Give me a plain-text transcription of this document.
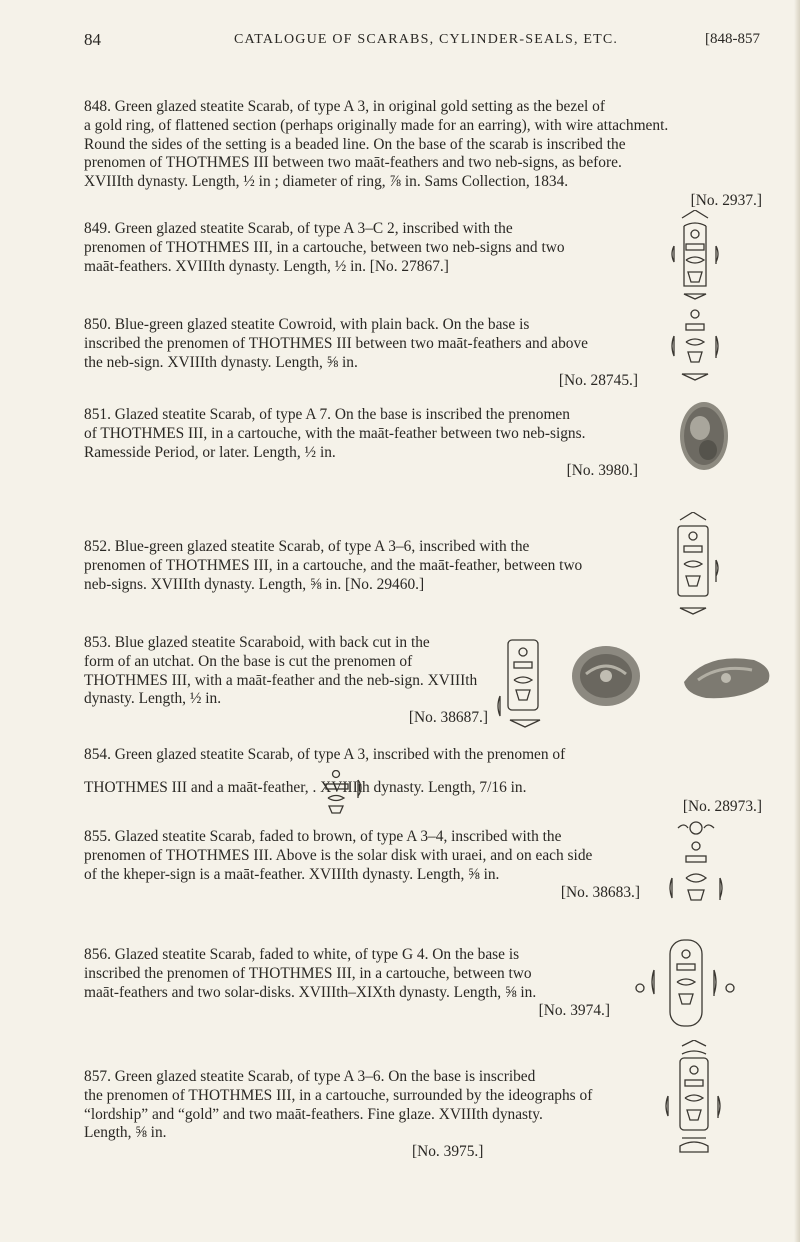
84	CATALOGUE OF SCARABS, CYLINDER-SEALS, ETC.	[848-857
848. Green glazed steatite Scarab, of type A 3, in original gold setting as the bezel of
a gold ring, of flattened section (perhaps originally made for an earring), with wire attachment.
Round the sides of the setting is a beaded line. On the base of the scarab is inscribed the
prenomen of THOTHMES III between two maāt-feathers and two neb-signs, as before.
XVIIIth dynasty. Length, ½ in ; diameter of ring, ⅞ in. Sams Collection, 1834.
[No. 2937.]
849. Green glazed steatite Scarab, of type A 3–C 2, inscribed with the
prenomen of THOTHMES III, in a cartouche, between two neb-signs and two
maāt-feathers. XVIIIth dynasty. Length, ½ in. [No. 27867.]
850. Blue-green glazed steatite Cowroid, with plain back. On the base is
inscribed the prenomen of THOTHMES III between two maāt-feathers and above
the neb-sign. XVIIIth dynasty. Length, ⅝ in.
[No. 28745.]
851. Glazed steatite Scarab, of type A 7. On the base is inscribed the prenomen
of THOTHMES III, in a cartouche, with the maāt-feather between two neb-signs.
Ramesside Period, or later. Length, ½ in.
[No. 3980.]
852. Blue-green glazed steatite Scarab, of type A 3–6, inscribed with the
prenomen of THOTHMES III, in a cartouche, and the maāt-feather, between two
neb-signs. XVIIIth dynasty. Length, ⅝ in. [No. 29460.]
853. Blue glazed steatite Scaraboid, with back cut in the
form of an utchat. On the base is cut the prenomen of
THOTHMES III, with a maāt-feather and the neb-sign. XVIIIth
dynasty. Length, ½ in.
[No. 38687.]
854. Green glazed steatite Scarab, of type A 3, inscribed with the prenomen of
THOTHMES III and a maāt-feather, . XVIIIth dynasty. Length, 7/16 in.
[No. 28973.]
855. Glazed steatite Scarab, faded to brown, of type A 3–4, inscribed with the
prenomen of THOTHMES III. Above is the solar disk with uraei, and on each side
of the kheper-sign is a maāt-feather. XVIIIth dynasty. Length, ⅝ in.
[No. 38683.]
856. Glazed steatite Scarab, faded to white, of type G 4. On the base is
inscribed the prenomen of THOTHMES III, in a cartouche, between two
maāt-feathers and two solar-disks. XVIIIth–XIXth dynasty. Length, ⅝ in.
[No. 3974.]
857. Green glazed steatite Scarab, of type A 3–6. On the base is inscribed
the prenomen of THOTHMES III, in a cartouche, surrounded by the ideographs of
“lordship” and “gold” and two maāt-feathers. Fine glaze. XVIIIth dynasty.
Length, ⅝ in.
[No. 3975.]
